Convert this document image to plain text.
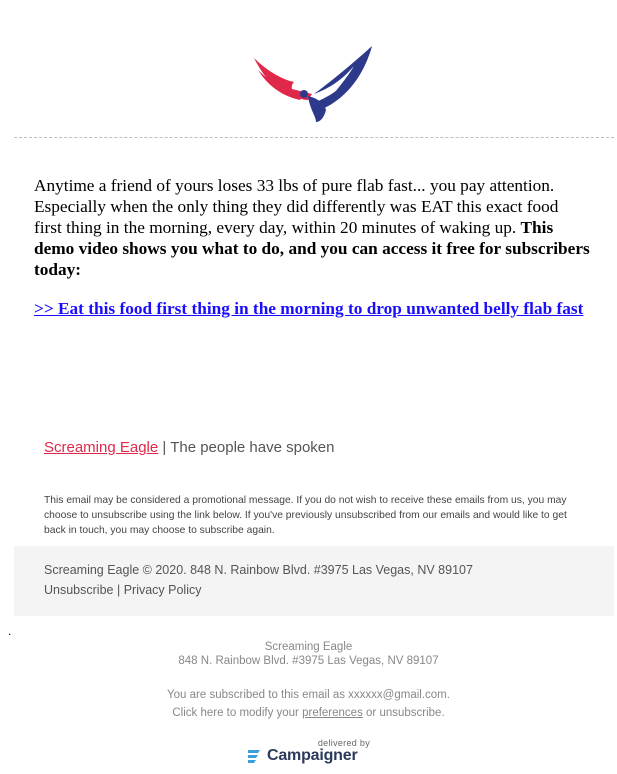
Anytime a friend of yours loses 33 lbs of pure flab fast... you pay attention. Especially when the only thing they did differently was EAT this exact food first thing in the morning, every day, within 20 minutes of waking up. This demo video shows you what to do, and you can access it free for subscribers today:

>> Eat this food first thing in the morning to drop unwanted belly flab fast
Screaming Eagle | The people have spoken
This email may be considered a promotional message. If you do not wish to receive these emails from us, you may choose to unsubscribe using the link below. If you've previously unsubscribed from our emails and would like to get back in touch, you may choose to subscribe again.
Screaming Eagle © 2020. 848 N. Rainbow Blvd. #3975 Las Vegas, NV 89107
Unsubscribe | Privacy Policy
.
Screaming Eagle
848 N. Rainbow Blvd. #3975 Las Vegas, NV 89107
You are subscribed to this email as xxxxxx@gmail.com.
Click here to modify your preferences or unsubscribe.
delivered by
Campaigner
